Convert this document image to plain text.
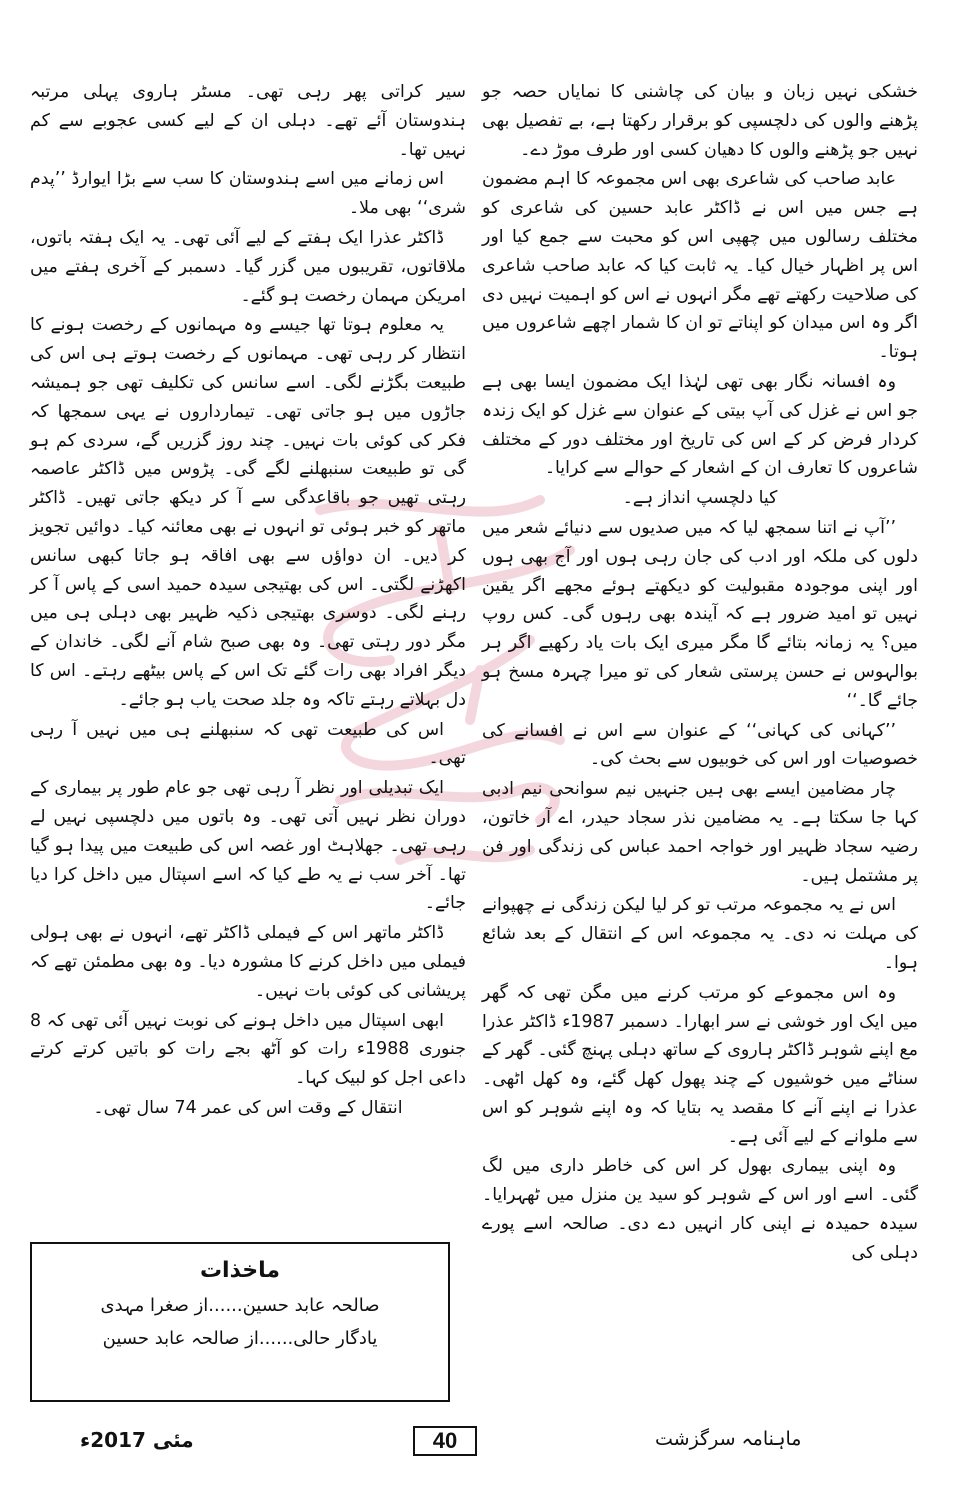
خشکی نہیں زبان و بیان کی چاشنی کا نمایاں حصہ جو پڑھنے والوں کی دلچسپی کو برقرار رکھتا ہے، بے تفصیل بھی نہیں جو پڑھنے والوں کا دھیان کسی اور طرف موڑ دے۔

عابد صاحب کی شاعری بھی اس مجموعہ کا اہم مضمون ہے جس میں اس نے ڈاکٹر عابد حسین کی شاعری کو مختلف رسالوں میں چھپی اس کو محبت سے جمع کیا اور اس پر اظہار خیال کیا۔ یہ ثابت کیا کہ عابد صاحب شاعری کی صلاحیت رکھتے تھے مگر انہوں نے اس کو اہمیت نہیں دی اگر وہ اس میدان کو اپناتے تو ان کا شمار اچھے شاعروں میں ہوتا۔

وہ افسانہ نگار بھی تھی لہٰذا ایک مضمون ایسا بھی ہے جو اس نے غزل کی آپ بیتی کے عنوان سے غزل کو ایک زندہ کردار فرض کر کے اس کی تاریخ اور مختلف دور کے مختلف شاعروں کا تعارف ان کے اشعار کے حوالے سے کرایا۔

کیا دلچسپ انداز ہے۔

’’آپ نے اتنا سمجھ لیا کہ میں صدیوں سے دنیائے شعر میں دلوں کی ملکہ اور ادب کی جان رہی ہوں اور آج بھی ہوں اور اپنی موجودہ مقبولیت کو دیکھتے ہوئے مجھے اگر یقین نہیں تو امید ضرور ہے کہ آیندہ بھی رہوں گی۔ کس روپ میں؟ یہ زمانہ بتائے گا مگر میری ایک بات یاد رکھیے اگر ہر بوالہوس نے حسن پرستی شعار کی تو میرا چہرہ مسخ ہو جائے گا۔‘‘

’’کہانی کی کہانی‘‘ کے عنوان سے اس نے افسانے کی خصوصیات اور اس کی خوبیوں سے بحث کی۔

چار مضامین ایسے بھی ہیں جنہیں نیم سوانحی نیم ادبی کہا جا سکتا ہے۔ یہ مضامین نذر سجاد حیدر، اے آر خاتون، رضیہ سجاد ظہیر اور خواجہ احمد عباس کی زندگی اور فن پر مشتمل ہیں۔

اس نے یہ مجموعہ مرتب تو کر لیا لیکن زندگی نے چھپوانے کی مہلت نہ دی۔ یہ مجموعہ اس کے انتقال کے بعد شائع ہوا۔

وہ اس مجموعے کو مرتب کرنے میں مگن تھی کہ گھر میں ایک اور خوشی نے سر ابھارا۔ دسمبر 1987ء ڈاکٹر عذرا مع اپنے شوہر ڈاکٹر ہاروی کے ساتھ دہلی پہنچ گئی۔ گھر کے سناٹے میں خوشیوں کے چند پھول کھل گئے، وہ کھل اٹھی۔ عذرا نے اپنے آنے کا مقصد یہ بتایا کہ وہ اپنے شوہر کو اس سے ملوانے کے لیے آئی ہے۔

وہ اپنی بیماری بھول کر اس کی خاطر داری میں لگ گئی۔ اسے اور اس کے شوہر کو سید ین منزل میں ٹھہرایا۔ سیدہ حمیدہ نے اپنی کار انہیں دے دی۔ صالحہ اسے پورے دہلی کی

سیر کراتی پھر رہی تھی۔ مسٹر ہاروی پہلی مرتبہ ہندوستان آئے تھے۔ دہلی ان کے لیے کسی عجوبے سے کم نہیں تھا۔

اس زمانے میں اسے ہندوستان کا سب سے بڑا ایوارڈ ’’پدم شری‘‘ بھی ملا۔

ڈاکٹر عذرا ایک ہفتے کے لیے آئی تھی۔ یہ ایک ہفتہ باتوں، ملاقاتوں، تقریبوں میں گزر گیا۔ دسمبر کے آخری ہفتے میں امریکن مہمان رخصت ہو گئے۔

یہ معلوم ہوتا تھا جیسے وہ مہمانوں کے رخصت ہونے کا انتظار کر رہی تھی۔ مہمانوں کے رخصت ہوتے ہی اس کی طبیعت بگڑنے لگی۔ اسے سانس کی تکلیف تھی جو ہمیشہ جاڑوں میں ہو جاتی تھی۔ تیمارداروں نے یہی سمجھا کہ فکر کی کوئی بات نہیں۔ چند روز گزریں گے، سردی کم ہو گی تو طبیعت سنبھلنے لگے گی۔ پڑوس میں ڈاکٹر عاصمہ رہتی تھیں جو باقاعدگی سے آ کر دیکھ جاتی تھیں۔ ڈاکٹر ماتھر کو خبر ہوئی تو انہوں نے بھی معائنہ کیا۔ دوائیں تجویز کر دیں۔ ان دواؤں سے بھی افاقہ ہو جاتا کبھی سانس اکھڑنے لگتی۔ اس کی بھتیجی سیدہ حمید اسی کے پاس آ کر رہنے لگی۔ دوسری بھتیجی ذکیہ ظہیر بھی دہلی ہی میں مگر دور رہتی تھی۔ وہ بھی صبح شام آنے لگی۔ خاندان کے دیگر افراد بھی رات گئے تک اس کے پاس بیٹھے رہتے۔ اس کا دل بہلاتے رہتے تاکہ وہ جلد صحت یاب ہو جائے۔

اس کی طبیعت تھی کہ سنبھلنے ہی میں نہیں آ رہی تھی۔

ایک تبدیلی اور نظر آ رہی تھی جو عام طور پر بیماری کے دوران نظر نہیں آتی تھی۔ وہ باتوں میں دلچسپی نہیں لے رہی تھی۔ جھلاہٹ اور غصہ اس کی طبیعت میں پیدا ہو گیا تھا۔ آخر سب نے یہ طے کیا کہ اسے اسپتال میں داخل کرا دیا جائے۔

ڈاکٹر ماتھر اس کے فیملی ڈاکٹر تھے، انہوں نے بھی ہولی فیملی میں داخل کرنے کا مشورہ دیا۔ وہ بھی مطمئن تھے کہ پریشانی کی کوئی بات نہیں۔

ابھی اسپتال میں داخل ہونے کی نوبت نہیں آئی تھی کہ 8 جنوری 1988ء رات کو آٹھ بجے رات کو باتیں کرتے کرتے داعی اجل کو لبیک کہا۔

انتقال کے وقت اس کی عمر 74 سال تھی۔

ماخذات
صالحہ عابد حسین......از صغرا مہدی
یادگار حالی......از صالحہ عابد حسین
ماہنامہ سرگزشت
40
مئی 2017ء
